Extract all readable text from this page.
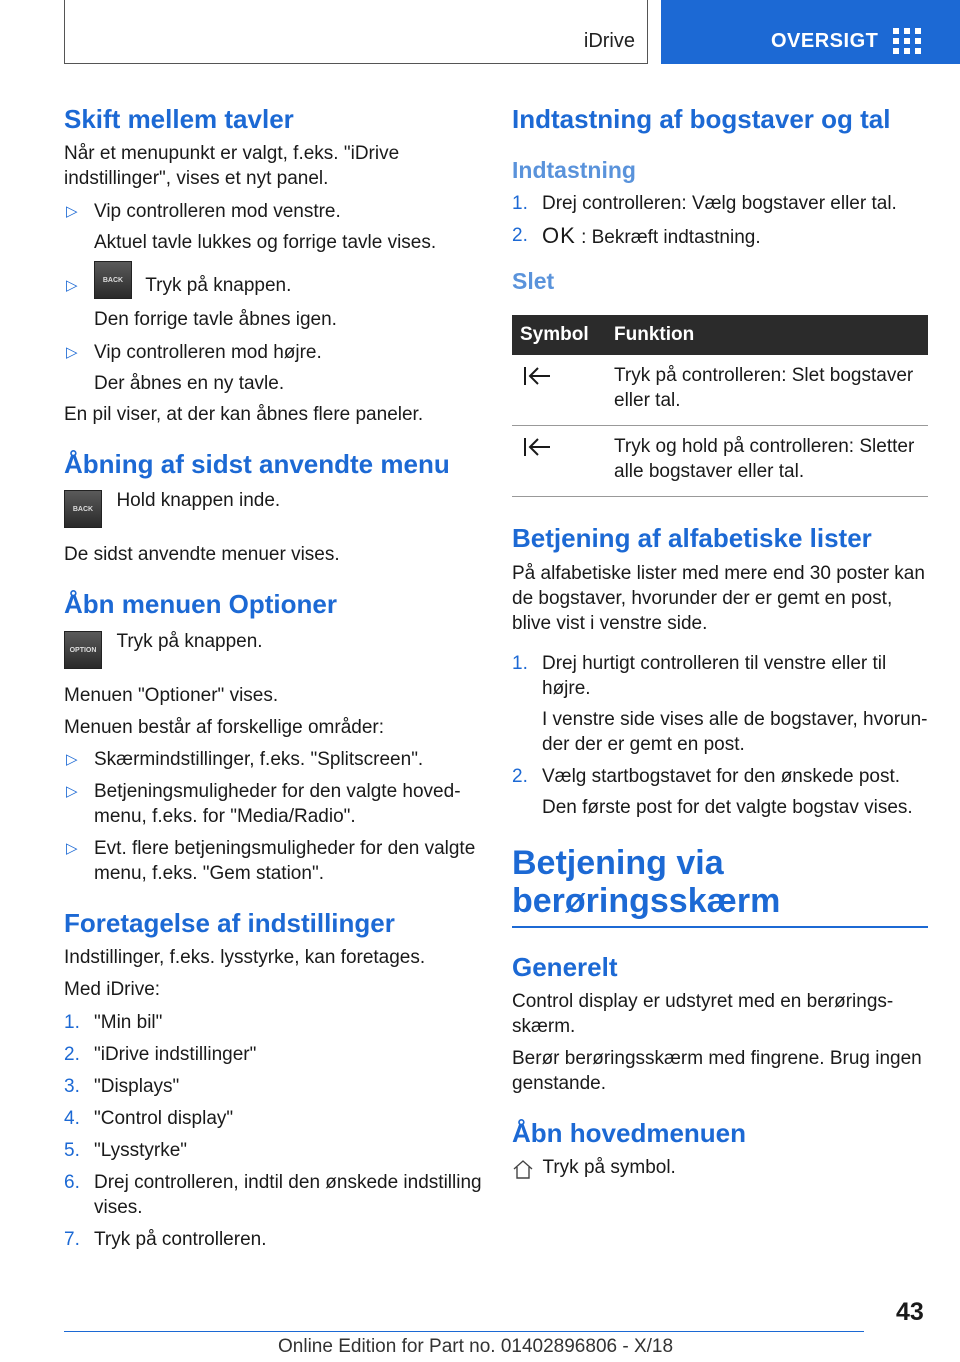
iDrive	OVERSIGT
Skift mellem tavler

Når et menupunkt er valgt, f.eks. "iDrive indstillinger", vises et nyt panel.

▷ Vip controlleren mod venstre.
Aktuel tavle lukkes og forrige tavle vises.
▷ BACK Tryk på knappen.
Den forrige tavle åbnes igen.
▷ Vip controlleren mod højre.
Der åbnes en ny tavle.

En pil viser, at der kan åbnes flere paneler.

Åbning af sidst anvendte menu
BACK Hold knappen inde.

De sidst anvendte menuer vises.

Åbn menuen Optioner
OPTION Tryk på knappen.

Menuen "Optioner" vises.

Menuen består af forskellige områder:

▷ Skærmindstillinger, f.eks. "Splitscreen".
▷ Betjeningsmuligheder for den valgte hovedmenu, f.eks. for "Media/Radio".
▷ Evt. flere betjeningsmuligheder for den valgte menu, f.eks. "Gem station".
Foretagelse af indstillinger

Indstillinger, f.eks. lysstyrke, kan foretages.

Med iDrive:

1. "Min bil"
2. "iDrive indstillinger"
3. "Displays"
4. "Control display"
5. "Lysstyrke"
6. Drej controlleren, indtil den ønskede indstilling vises.
7. Tryk på controlleren.
Indtastning af bogstaver og tal
Indtastning
1. Drej controlleren: Vælg bogstaver eller tal.
2. OK : Bekræft indtastning.
Slet
Symbol	Funktion
	Tryk på controlleren: Slet bogstaver eller tal.
	Tryk og hold på controlleren: Sletter alle bogstaver eller tal.
Betjening af alfabetiske lister

På alfabetiske lister med mere end 30 poster kan de bogstaver, hvorunder der er gemt en post, blive vist i venstre side.

1. Drej hurtigt controlleren til venstre eller til højre.
I venstre side vises alle de bogstaver, hvorunder der er gemt en post.
2. Vælg startbogstavet for den ønskede post.
Den første post for det valgte bogstav vises.
Betjening via berøringsskærm
Generelt

Control display er udstyret med en berøringsskærm.

Berør berøringsskærm med fingrene. Brug ingen genstande.

Åbn hovedmenuen
Tryk på symbol.
43
Online Edition for Part no. 01402896806 - X/18
